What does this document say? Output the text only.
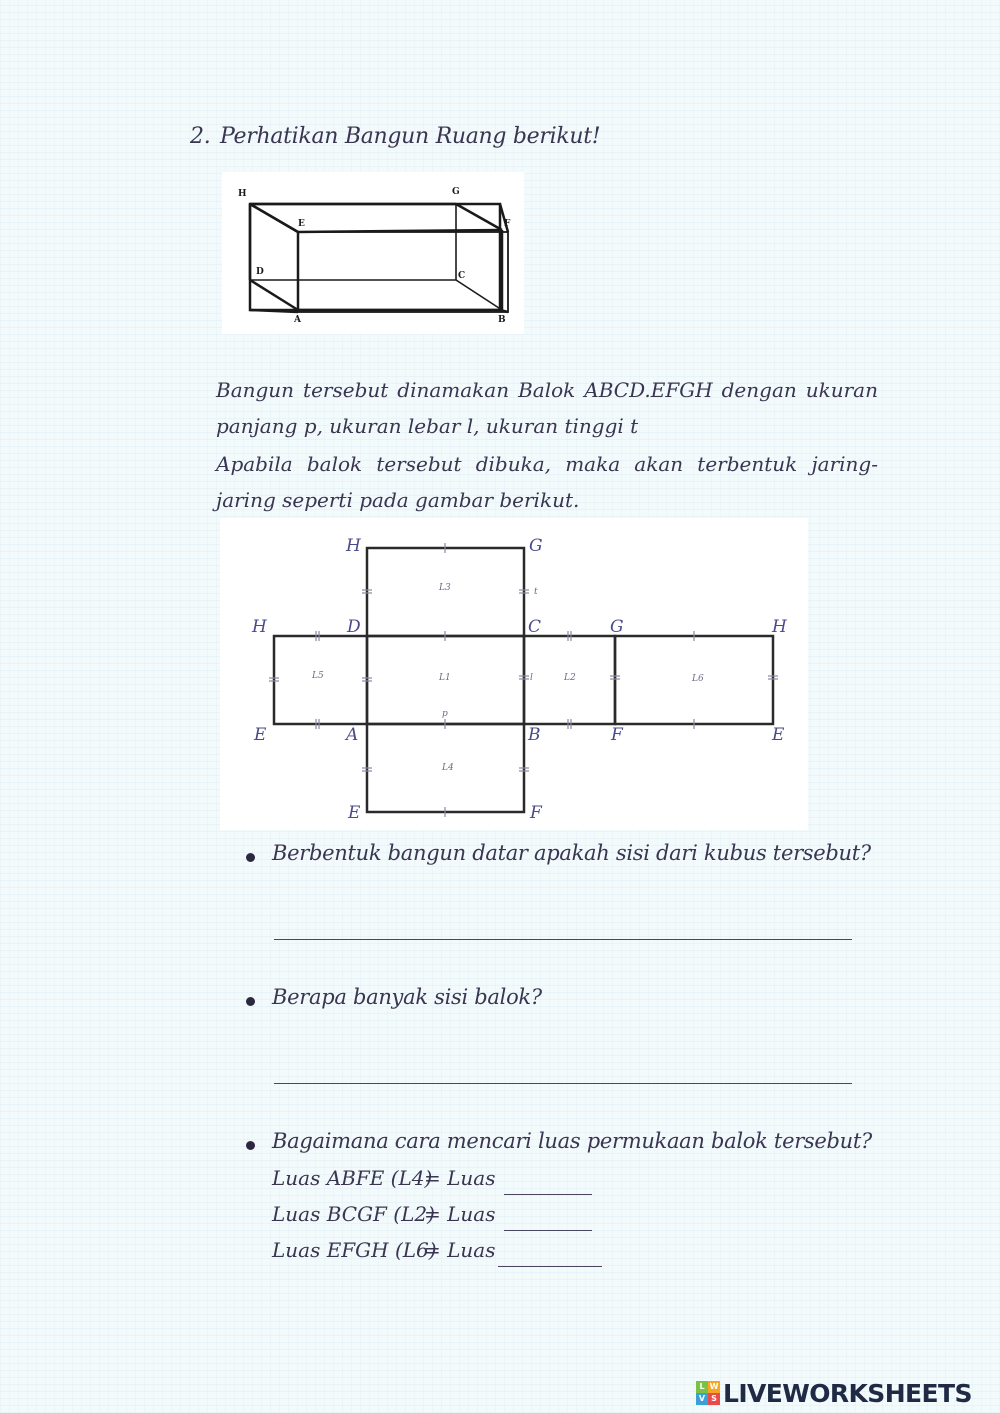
2. Perhatikan Bangun Ruang berikut!
H	G
E	F
D	C
A	B
Bangun tersebut dinamakan Balok ABCD.EFGH dengan ukuran panjang p, ukuran lebar l, ukuran tinggi t
Apabila balok tersebut dibuka, maka akan terbentuk jaring-jaring seperti pada gambar berikut.
H	G
H	D	C	G	H
E	A	B	F	E
E	F
L3
L1
L5	L2	L6
L4
t
l
p
Berbentuk bangun datar apakah sisi dari kubus tersebut?
Berapa banyak sisi balok?
Bagaimana cara mencari luas permukaan balok tersebut?
Luas ABFE (L4)
= Luas
Luas BCGF (L2)
= Luas
Luas EFGH (L6)
= Luas
L W
V S LIVEWORKSHEETS
